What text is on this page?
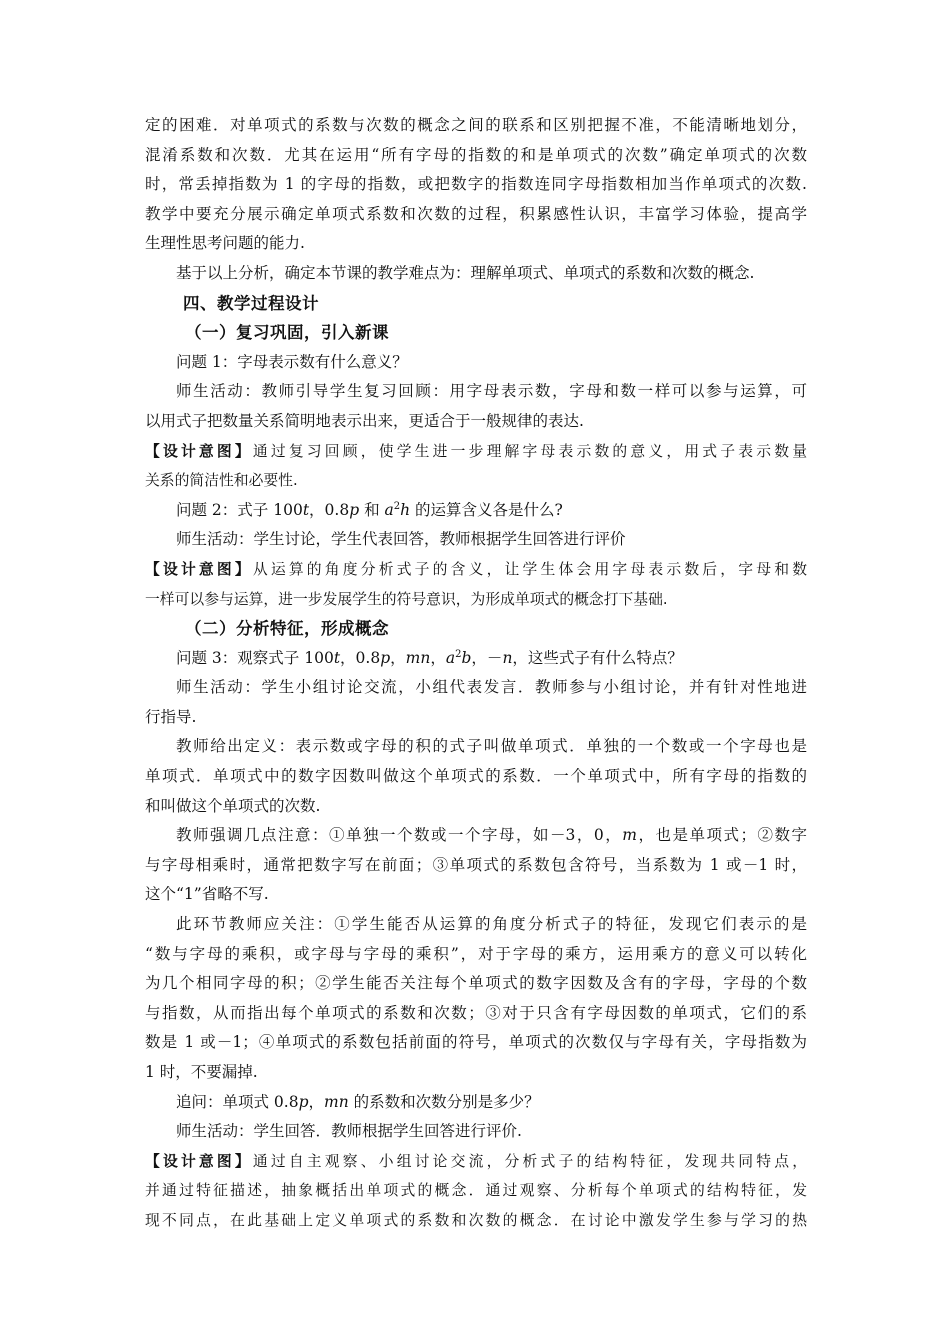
定的困难．对单项式的系数与次数的概念之间的联系和区别把握不准，不能清晰地划分，
混淆系数和次数．尤其在运用“所有字母的指数的和是单项式的次数”确定单项式的次数
时，常丢掉指数为 1 的字母的指数，或把数字的指数连同字母指数相加当作单项式的次数.
教学中要充分展示确定单项式系数和次数的过程，积累感性认识，丰富学习体验，提高学
生理性思考问题的能力.
基于以上分析，确定本节课的教学难点为：理解单项式、单项式的系数和次数的概念.
四、教学过程设计
（一）复习巩固，引入新课
问题 1：字母表示数有什么意义？
师生活动：教师引导学生复习回顾：用字母表示数，字母和数一样可以参与运算，可
以用式子把数量关系简明地表示出来，更适合于一般规律的表达.
【设计意图】通过复习回顾，使学生进一步理解字母表示数的意义，用式子表示数量
关系的简洁性和必要性.
问题 2：式子 100t，0.8p 和 $a^2h$ 的运算含义各是什么?
师生活动：学生讨论，学生代表回答，教师根据学生回答进行评价
【设计意图】从运算的角度分析式子的含义，让学生体会用字母表示数后，字母和数
一样可以参与运算，进一步发展学生的符号意识，为形成单项式的概念打下基础.
（二）分析特征，形成概念
问题 3：观察式子 100t，0.8p，mn，$a^2b$，－n，这些式子有什么特点？
师生活动：学生小组讨论交流，小组代表发言．教师参与小组讨论，并有针对性地进
行指导.
教师给出定义：表示数或字母的积的式子叫做单项式．单独的一个数或一个字母也是
单项式．单项式中的数字因数叫做这个单项式的系数．一个单项式中，所有字母的指数的
和叫做这个单项式的次数.
教师强调几点注意：①单独一个数或一个字母，如－3，0，m，也是单项式；②数字
与字母相乘时，通常把数字写在前面；③单项式的系数包含符号，当系数为 1 或－1 时，
这个“1”省略不写.
此环节教师应关注：①学生能否从运算的角度分析式子的特征，发现它们表示的是
“数与字母的乘积，或字母与字母的乘积”，对于字母的乘方，运用乘方的意义可以转化
为几个相同字母的积；②学生能否关注每个单项式的数字因数及含有的字母，字母的个数
与指数，从而指出每个单项式的系数和次数；③对于只含有字母因数的单项式，它们的系
数是 1 或－1；④单项式的系数包括前面的符号，单项式的次数仅与字母有关，字母指数为
1 时，不要漏掉.
追问：单项式 0.8p，mn 的系数和次数分别是多少？
师生活动：学生回答．教师根据学生回答进行评价.
【设计意图】通过自主观察、小组讨论交流，分析式子的结构特征，发现共同特点，
并通过特征描述，抽象概括出单项式的概念．通过观察、分析每个单项式的结构特征，发
现不同点，在此基础上定义单项式的系数和次数的概念．在讨论中激发学生参与学习的热
